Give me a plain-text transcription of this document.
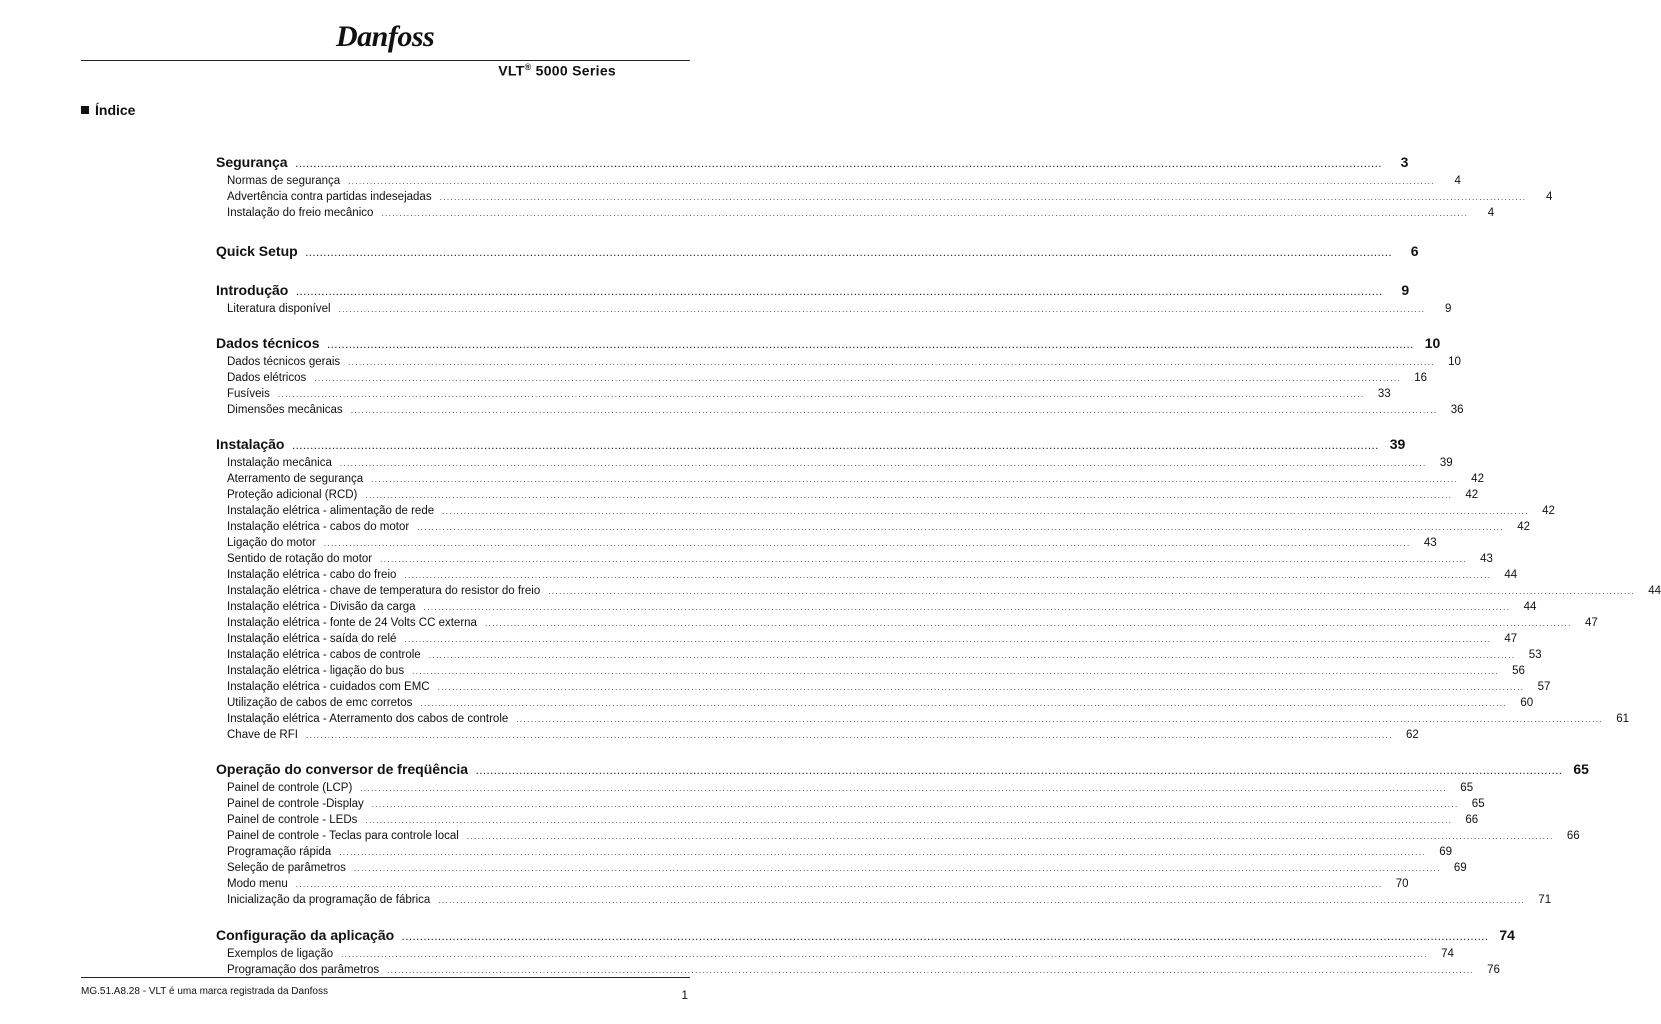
Danfoss
VLT® 5000 Series
Índice
Segurança ............................................................................................................................................................................................................................................................................................................	3
Normas de segurança ............................................................................................................................................................................................................................................................................................................	4
Advertência contra partidas indesejadas ............................................................................................................................................................................................................................................................................................................	4
Instalação do freio mecânico ............................................................................................................................................................................................................................................................................................................	4
Quick Setup ............................................................................................................................................................................................................................................................................................................	6
Introdução ............................................................................................................................................................................................................................................................................................................	9
Literatura disponível ............................................................................................................................................................................................................................................................................................................	9
Dados técnicos ............................................................................................................................................................................................................................................................................................................ 10
Dados técnicos gerais ............................................................................................................................................................................................................................................................................................................ 10
Dados elétricos ............................................................................................................................................................................................................................................................................................................ 16
Fusíveis ............................................................................................................................................................................................................................................................................................................ 33
Dimensões mecânicas ............................................................................................................................................................................................................................................................................................................ 36
Instalação ............................................................................................................................................................................................................................................................................................................ 39
Instalação mecânica ............................................................................................................................................................................................................................................................................................................ 39
Aterramento de segurança ............................................................................................................................................................................................................................................................................................................ 42
Proteção adicional (RCD) ............................................................................................................................................................................................................................................................................................................ 42
Instalação elétrica - alimentação de rede ............................................................................................................................................................................................................................................................................................................ 42
Instalação elétrica - cabos do motor ............................................................................................................................................................................................................................................................................................................ 42
Ligação do motor ............................................................................................................................................................................................................................................................................................................ 43
Sentido de rotação do motor ............................................................................................................................................................................................................................................................................................................ 43
Instalação elétrica - cabo do freio ............................................................................................................................................................................................................................................................................................................ 44
Instalação elétrica - chave de temperatura do resistor do freio ............................................................................................................................................................................................................................................................................................................ 44
Instalação elétrica - Divisão da carga ............................................................................................................................................................................................................................................................................................................ 44
Instalação elétrica - fonte de 24 Volts CC externa ............................................................................................................................................................................................................................................................................................................ 47
Instalação elétrica - saída do relé ............................................................................................................................................................................................................................................................................................................ 47
Instalação elétrica - cabos de controle ............................................................................................................................................................................................................................................................................................................ 53
Instalação elétrica - ligação do bus ............................................................................................................................................................................................................................................................................................................ 56
Instalação elétrica - cuidados com EMC ............................................................................................................................................................................................................................................................................................................ 57
Utilização de cabos de emc corretos ............................................................................................................................................................................................................................................................................................................ 60
Instalação elétrica - Aterramento dos cabos de controle ............................................................................................................................................................................................................................................................................................................ 61
Chave de RFI ............................................................................................................................................................................................................................................................................................................ 62
Operação do conversor de freqüência ............................................................................................................................................................................................................................................................................................................ 65
Painel de controle (LCP) ............................................................................................................................................................................................................................................................................................................ 65
Painel de controle -Display ............................................................................................................................................................................................................................................................................................................ 65
Painel de controle - LEDs ............................................................................................................................................................................................................................................................................................................ 66
Painel de controle - Teclas para controle local ............................................................................................................................................................................................................................................................................................................ 66
Programação rápida ............................................................................................................................................................................................................................................................................................................ 69
Seleção de parâmetros ............................................................................................................................................................................................................................................................................................................ 69
Modo menu ............................................................................................................................................................................................................................................................................................................ 70
Inicialização da programação de fábrica ............................................................................................................................................................................................................................................................................................................ 71
Configuração da aplicação ............................................................................................................................................................................................................................................................................................................ 74
Exemplos de ligação ............................................................................................................................................................................................................................................................................................................ 74
Programação dos parâmetros ............................................................................................................................................................................................................................................................................................................ 76
MG.51.A8.28 - VLT é uma marca registrada da Danfoss	1
